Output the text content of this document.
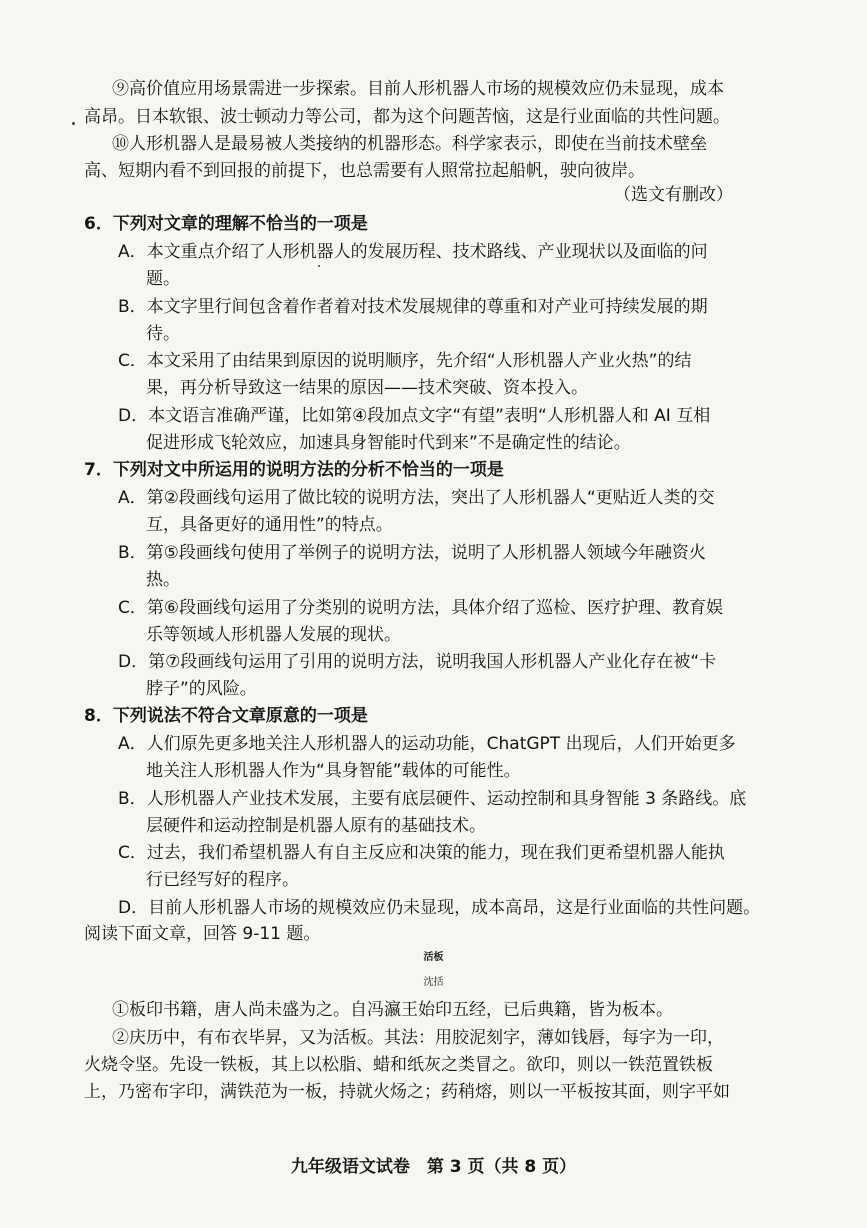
⑨高价值应用场景需进一步探索。目前人形机器人市场的规模效应仍未显现，成本
高昂。日本软银、波士顿动力等公司，都为这个问题苦恼，这是行业面临的共性问题。
⑩人形机器人是最易被人类接纳的机器形态。科学家表示，即使在当前技术壁垒
高、短期内看不到回报的前提下，也总需要有人照常拉起船帆，驶向彼岸。
（选文有删改）
6．下列对文章的理解不恰当的一项是
A．本文重点介绍了人形机器人的发展历程、技术路线、产业现状以及面临的问
题。
B．本文字里行间包含着作者着对技术发展规律的尊重和对产业可持续发展的期
待。
C．本文采用了由结果到原因的说明顺序，先介绍“人形机器人产业火热”的结
果，再分析导致这一结果的原因——技术突破、资本投入。
D．本文语言准确严谨，比如第④段加点文字“有望”表明“人形机器人和 AI 互相
促进形成飞轮效应，加速具身智能时代到来”不是确定性的结论。
7．下列对文中所运用的说明方法的分析不恰当的一项是
A．第②段画线句运用了做比较的说明方法，突出了人形机器人“更贴近人类的交
互，具备更好的通用性”的特点。
B．第⑤段画线句使用了举例子的说明方法，说明了人形机器人领域今年融资火
热。
C．第⑥段画线句运用了分类别的说明方法，具体介绍了巡检、医疗护理、教育娱
乐等领域人形机器人发展的现状。
D．第⑦段画线句运用了引用的说明方法，说明我国人形机器人产业化存在被“卡
脖子”的风险。
8．下列说法不符合文章原意的一项是
A．人们原先更多地关注人形机器人的运动功能，ChatGPT 出现后，人们开始更多
地关注人形机器人作为“具身智能”载体的可能性。
B．人形机器人产业技术发展，主要有底层硬件、运动控制和具身智能 3 条路线。底
层硬件和运动控制是机器人原有的基础技术。
C．过去，我们希望机器人有自主反应和决策的能力，现在我们更希望机器人能执
行已经写好的程序。
D．目前人形机器人市场的规模效应仍未显现，成本高昂，这是行业面临的共性问题。
阅读下面文章，回答 9-11 题。
活板
沈括
①板印书籍，唐人尚未盛为之。自冯瀛王始印五经，已后典籍，皆为板本。
②庆历中，有布衣毕昇，又为活板。其法：用胶泥刻字，薄如钱唇，每字为一印，
火烧令坚。先设一铁板，其上以松脂、蜡和纸灰之类冒之。欲印，则以一铁范置铁板
上，乃密布字印，满铁范为一板，持就火炀之；药稍熔，则以一平板按其面，则字平如
九年级语文试卷　第 3 页（共 8 页）
